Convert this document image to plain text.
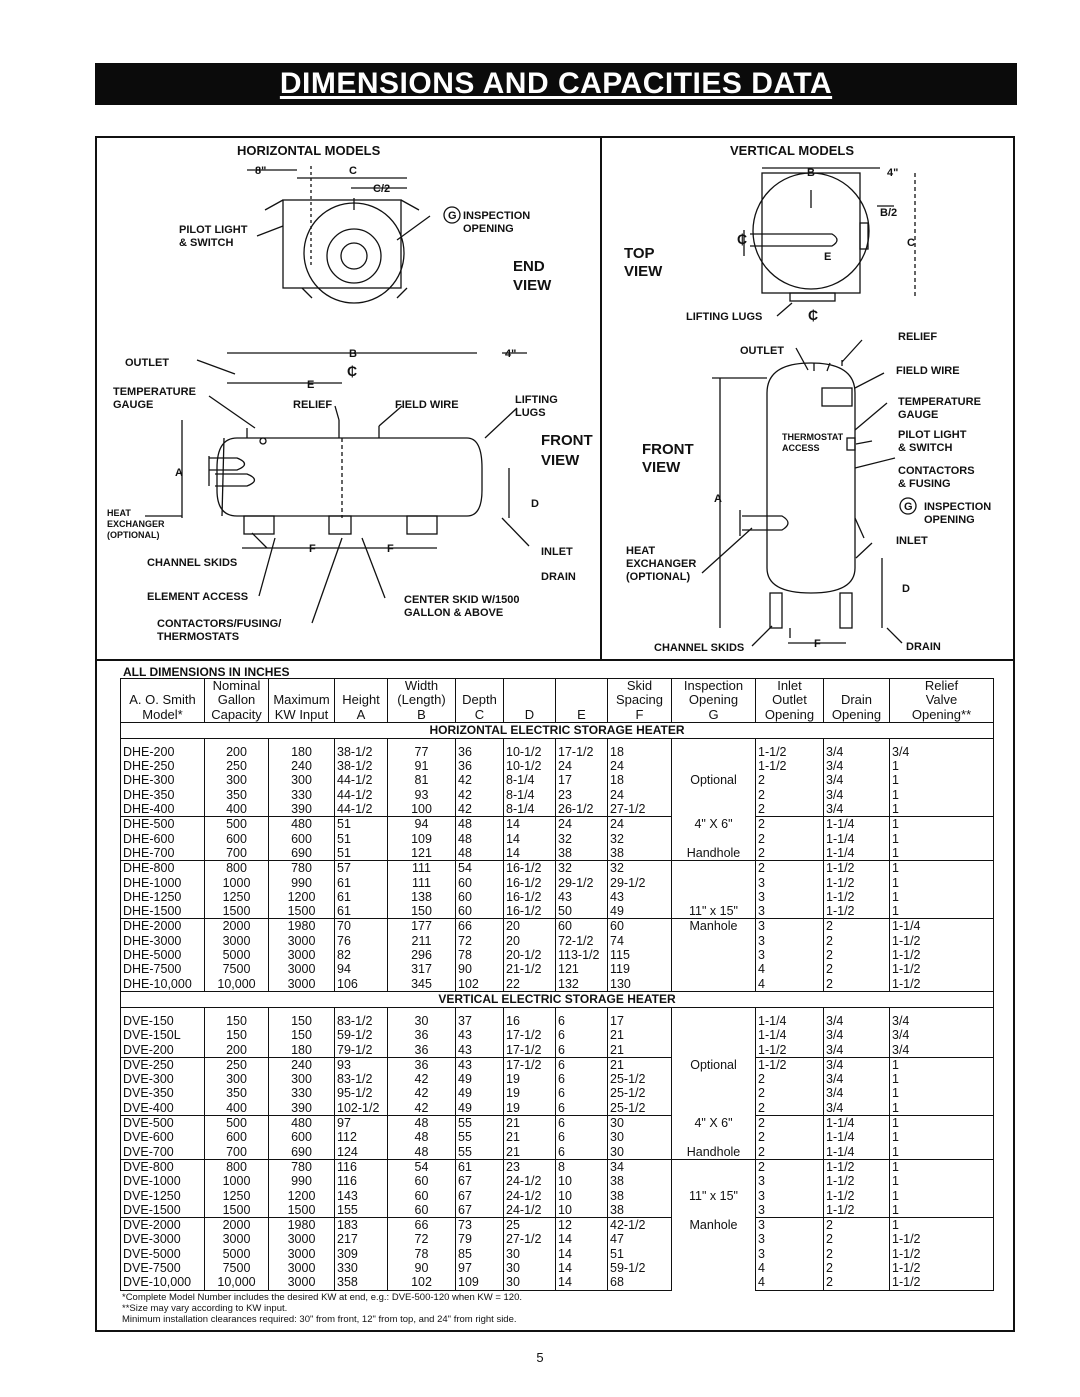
DIMENSIONS AND CAPACITIES DATA
HORIZONTAL MODELS
8"	C
C/2
PILOT LIGHT
& SWITCH
G INSPECTION
OPENING
END
VIEW
OUTLET
B	4"
₵
TEMPERATURE
GAUGE
E
RELIEF	FIELD WIRE	LIFTING
LUGS
FRONT
VIEW
A
D
HEAT
EXCHANGER
(OPTIONAL)
F	F
CHANNEL SKIDS
INLET
DRAIN
ELEMENT ACCESS	CENTER SKID W/1500
GALLON & ABOVE
CONTACTORS/FUSING/
THERMOSTATS
VERTICAL MODELS
B	4"
B/2
C
E
₵
TOP
VIEW
LIFTING LUGS	₵
RELIEF
OUTLET
FIELD WIRE
TEMPERATURE
GAUGE
THERMOSTAT
ACCESS
PILOT LIGHT
& SWITCH
FRONT
VIEW	CONTACTORS
& FUSING
A
G INSPECTION
OPENING
INLET
HEAT
EXCHANGER
(OPTIONAL)
D
F
CHANNEL SKIDS	DRAIN
ALL DIMENSIONS IN INCHES
	Nominal			Width				Skid	Inspection	Inlet		Relief
A. O. Smith	Gallon	Maximum	Height	(Length)	Depth			Spacing	Opening	Outlet	Drain	Valve
Model*	Capacity	KW Input	A	B	C	D	E	F	G	Opening	Opening	Opening**
HORIZONTAL ELECTRIC STORAGE HEATER												

DHE-200	200	180	38-1/2	77	36	10-1/2	17-1/2	18		1-1/2	3/4	3/4
DHE-250	250	240	38-1/2	91	36	10-1/2	24	24		1-1/2	3/4	1
DHE-300	300	300	44-1/2	81	42	8-1/4	17	18	Optional	2	3/4	1
DHE-350	350	330	44-1/2	93	42	8-1/4	23	24		2	3/4	1
DHE-400	400	390	44-1/2	100	42	8-1/4	26-1/2	27-1/2		2	3/4	1
DHE-500	500	480	51	94	48	14	24	24	4" X 6"	2	1-1/4	1
DHE-600	600	600	51	109	48	14	32	32		2	1-1/4	1
DHE-700	700	690	51	121	48	14	38	38	Handhole	2	1-1/4	1
DHE-800	800	780	57	111	54	16-1/2	32	32		2	1-1/2	1
DHE-1000	1000	990	61	111	60	16-1/2	29-1/2	29-1/2		3	1-1/2	1
DHE-1250	1250	1200	61	138	60	16-1/2	43	43		3	1-1/2	1
DHE-1500	1500	1500	61	150	60	16-1/2	50	49	11" x 15"	3	1-1/2	1
DHE-2000	2000	1980	70	177	66	20	60	60	Manhole	3	2	1-1/4
DHE-3000	3000	3000	76	211	72	20	72-1/2	74		3	2	1-1/2
DHE-5000	5000	3000	82	296	78	20-1/2	113-1/2	115		3	2	1-1/2
DHE-7500	7500	3000	94	317	90	21-1/2	121	119		4	2	1-1/2
DHE-10,000	10,000	3000	106	345	102	22	132	130		4	2	1-1/2
VERTICAL ELECTRIC STORAGE HEATER												

DVE-150	150	150	83-1/2	30	37	16	6	17		1-1/4	3/4	3/4
DVE-150L	150	150	59-1/2	36	43	17-1/2	6	21		1-1/4	3/4	3/4
DVE-200	200	180	79-1/2	36	43	17-1/2	6	21		1-1/2	3/4	3/4
DVE-250	250	240	93	36	43	17-1/2	6	21	Optional	1-1/2	3/4	1
DVE-300	300	300	83-1/2	42	49	19	6	25-1/2		2	3/4	1
DVE-350	350	330	95-1/2	42	49	19	6	25-1/2		2	3/4	1
DVE-400	400	390	102-1/2	42	49	19	6	25-1/2		2	3/4	1
DVE-500	500	480	97	48	55	21	6	30	4" X 6"	2	1-1/4	1
DVE-600	600	600	112	48	55	21	6	30		2	1-1/4	1
DVE-700	700	690	124	48	55	21	6	30	Handhole	2	1-1/4	1
DVE-800	800	780	116	54	61	23	8	34		2	1-1/2	1
DVE-1000	1000	990	116	60	67	24-1/2	10	38		3	1-1/2	1
DVE-1250	1250	1200	143	60	67	24-1/2	10	38	11" x 15"	3	1-1/2	1
DVE-1500	1500	1500	155	60	67	24-1/2	10	38		3	1-1/2	1
DVE-2000	2000	1980	183	66	73	25	12	42-1/2	Manhole	3	2	1
DVE-3000	3000	3000	217	72	79	27-1/2	14	47		3	2	1-1/2
DVE-5000	5000	3000	309	78	85	30	14	51		3	2	1-1/2
DVE-7500	7500	3000	330	90	97	30	14	59-1/2		4	2	1-1/2
DVE-10,000	10,000	3000	358	102	109	30	14	68		4	2	1-1/2
*Complete Model Number includes the desired KW at end, e.g.: DVE-500-120 when KW = 120.
**Size may vary according to KW input.
Minimum installation clearances required: 30" from front, 12" from top, and 24" from right side.
5
